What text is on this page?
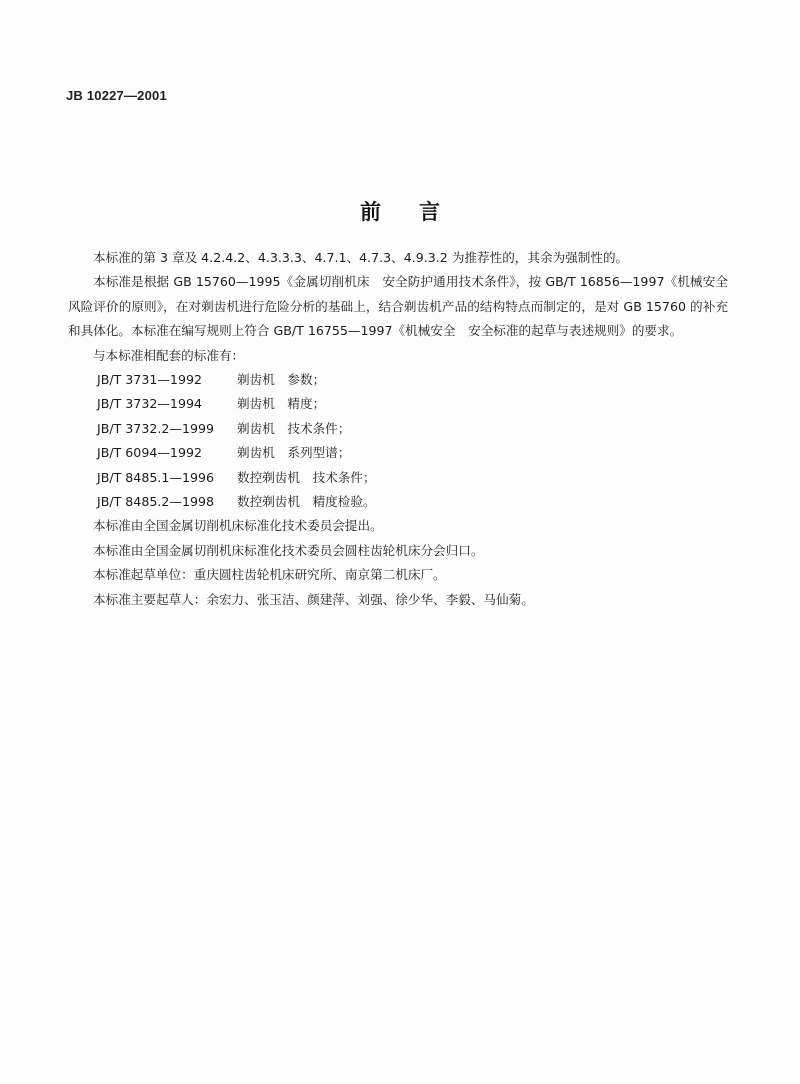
JB 10227—2001
前言

本标准的第 3 章及 4.2.4.2、4.3.3.3、4.7.1、4.7.3、4.9.3.2 为推荐性的，其余为强制性的。

本标准是根据 GB 15760—1995《金属切削机床　安全防护通用技术条件》，按 GB/T 16856—1997《机械安全风险评价的原则》，在对剃齿机进行危险分析的基础上，结合剃齿机产品的结构特点而制定的，是对 GB 15760 的补充和具体化。本标准在编写规则上符合 GB/T 16755—1997《机械安全　安全标准的起草与表述规则》的要求。

与本标准相配套的标准有：

JB/T 3731—1992	剃齿机　参数；
JB/T 3732—1994	剃齿机　精度；
JB/T 3732.2—1999	剃齿机　技术条件；
JB/T 6094—1992	剃齿机　系列型谱；
JB/T 8485.1—1996	数控剃齿机　技术条件；
JB/T 8485.2—1998	数控剃齿机　精度检验。

本标准由全国金属切削机床标准化技术委员会提出。

本标准由全国金属切削机床标准化技术委员会圆柱齿轮机床分会归口。

本标准起草单位：重庆圆柱齿轮机床研究所、南京第二机床厂。

本标准主要起草人：余宏力、张玉洁、颜建萍、刘强、徐少华、李毅、马仙菊。
